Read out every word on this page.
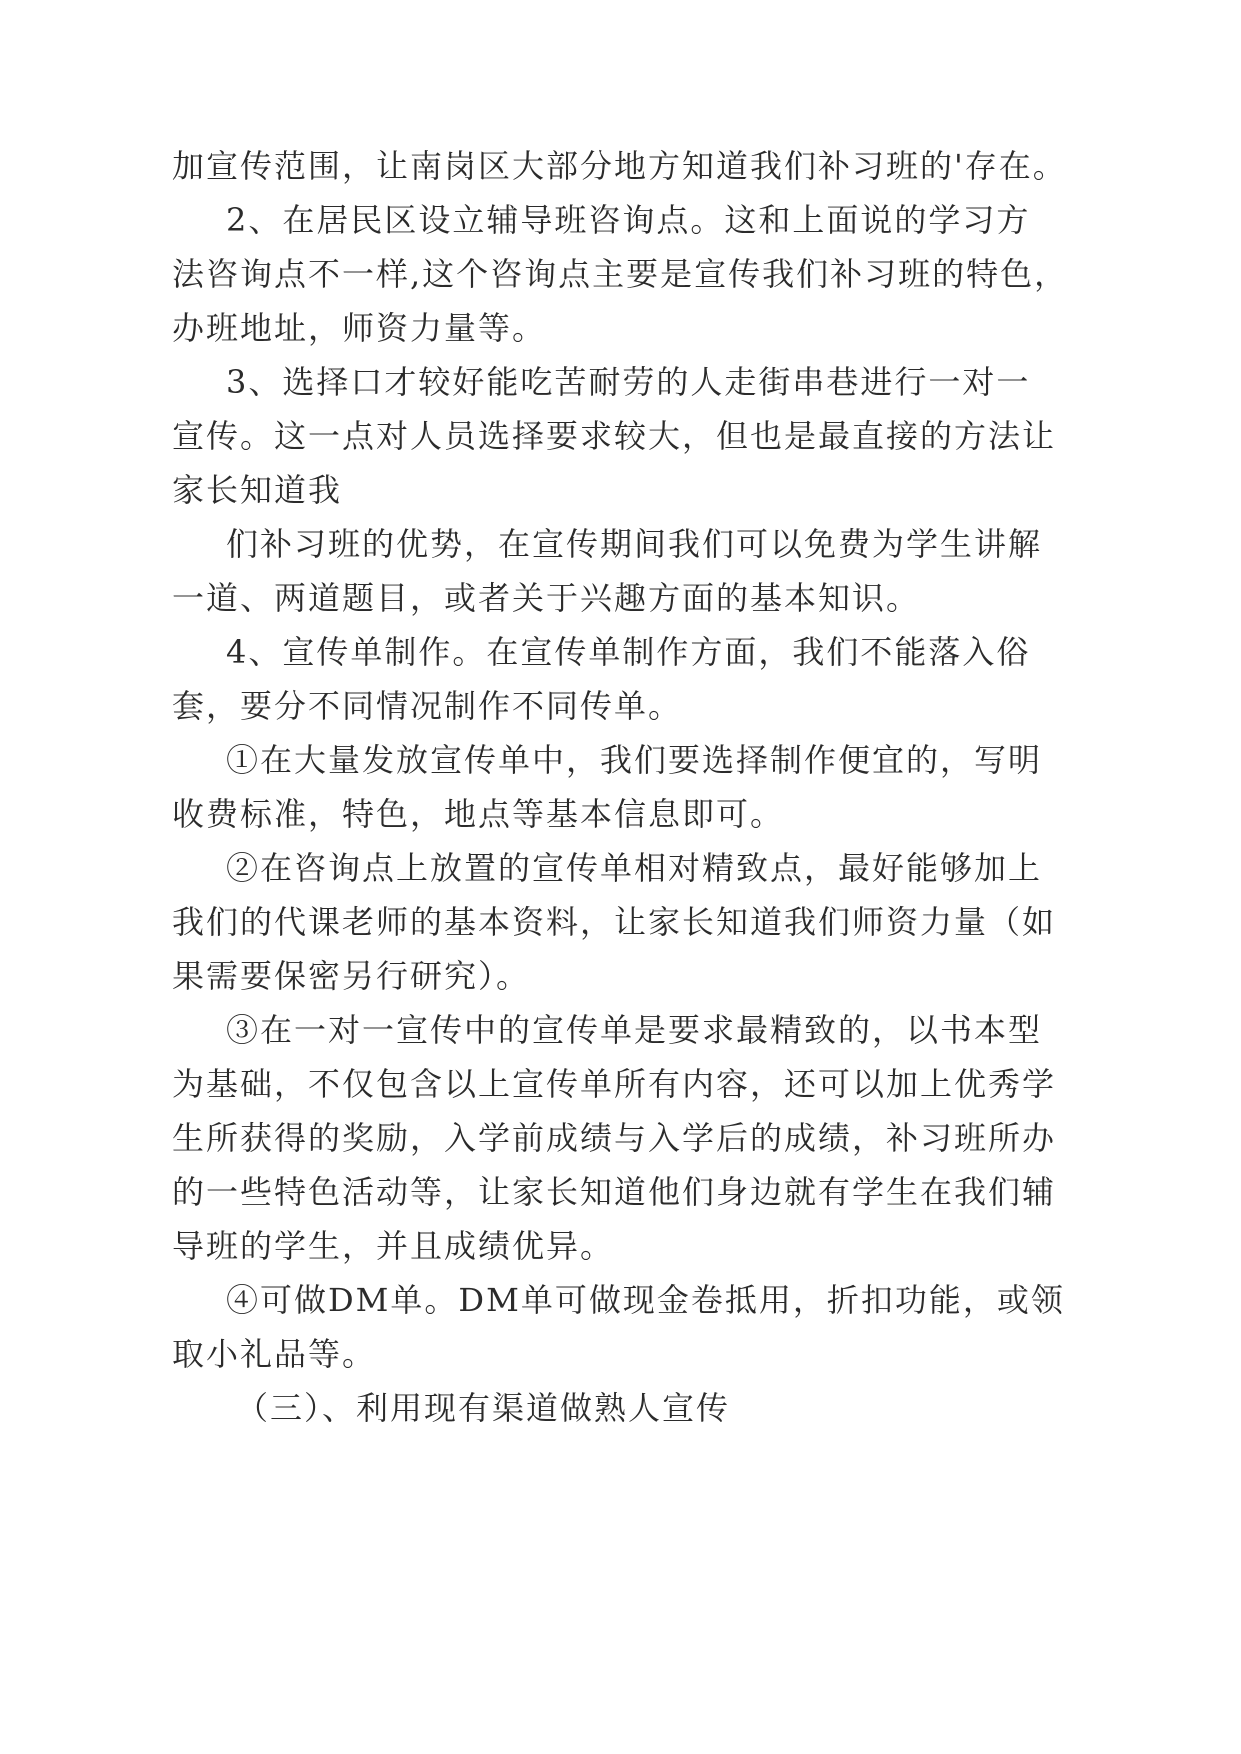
加宣传范围，让南岗区大部分地方知道我们补习班的'存在。

2、在居民区设立辅导班咨询点。这和上面说的学习方

法咨询点不一样,这个咨询点主要是宣传我们补习班的特色，

办班地址，师资力量等。

3、选择口才较好能吃苦耐劳的人走街串巷进行一对一

宣传。这一点对人员选择要求较大，但也是最直接的方法让

家长知道我

们补习班的优势，在宣传期间我们可以免费为学生讲解

一道、两道题目，或者关于兴趣方面的基本知识。

4、宣传单制作。在宣传单制作方面，我们不能落入俗

套，要分不同情况制作不同传单。

①在大量发放宣传单中，我们要选择制作便宜的，写明

收费标准，特色，地点等基本信息即可。

②在咨询点上放置的宣传单相对精致点，最好能够加上

我们的代课老师的基本资料，让家长知道我们师资力量（如

果需要保密另行研究）。

③在一对一宣传中的宣传单是要求最精致的，以书本型

为基础，不仅包含以上宣传单所有内容，还可以加上优秀学

生所获得的奖励，入学前成绩与入学后的成绩，补习班所办

的一些特色活动等，让家长知道他们身边就有学生在我们辅

导班的学生，并且成绩优异。

④可做DM单。DM单可做现金卷抵用，折扣功能，或领

取小礼品等。

（三）、利用现有渠道做熟人宣传
